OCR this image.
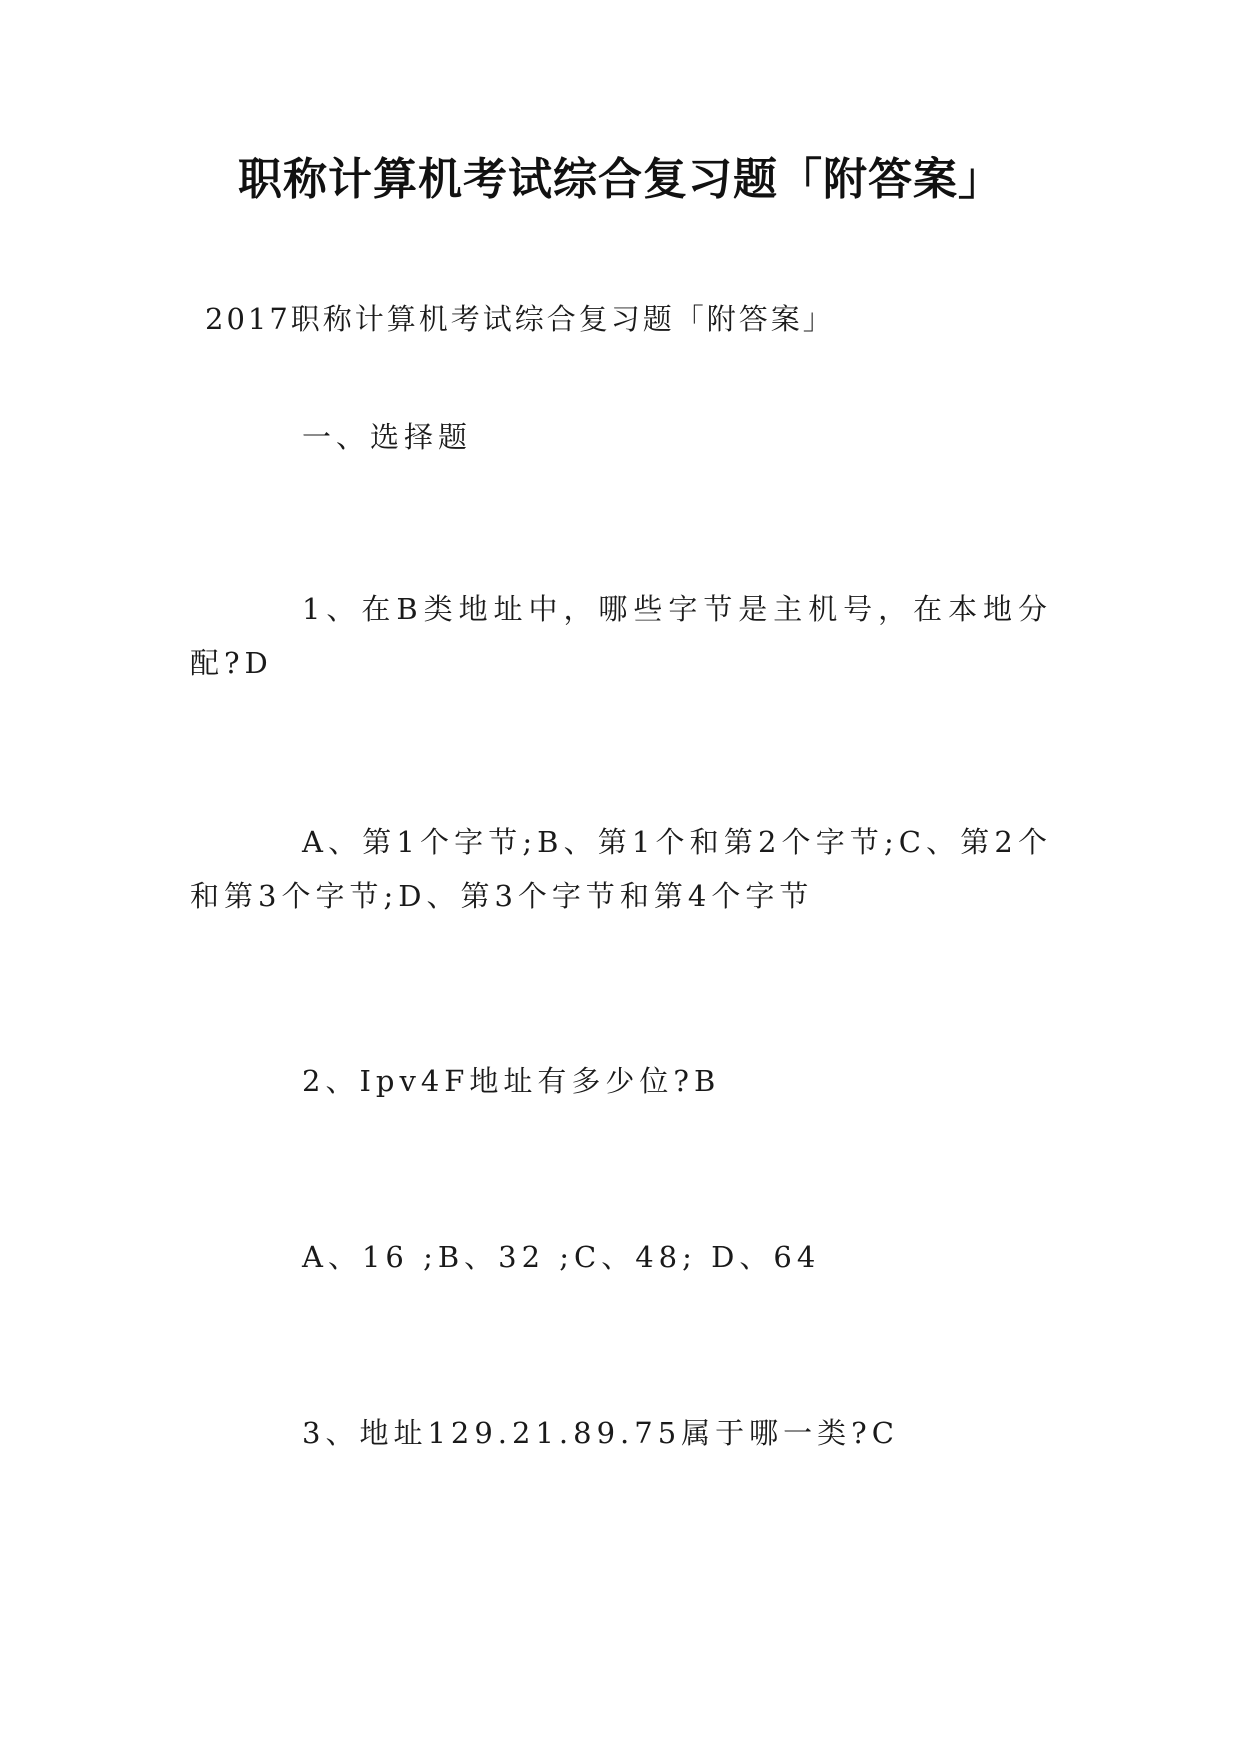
职称计算机考试综合复习题「附答案」
2017职称计算机考试综合复习题「附答案」
一、选择题
1、在B类地址中，哪些字节是主机号，在本地分配?D
A、第1个字节;B、第1个和第2个字节;C、第2个和第3个字节;D、第3个字节和第4个字节
2、Ipv4F地址有多少位?B
A、16 ;B、32 ;C、48; D、64
3、地址129.21.89.75属于哪一类?C
